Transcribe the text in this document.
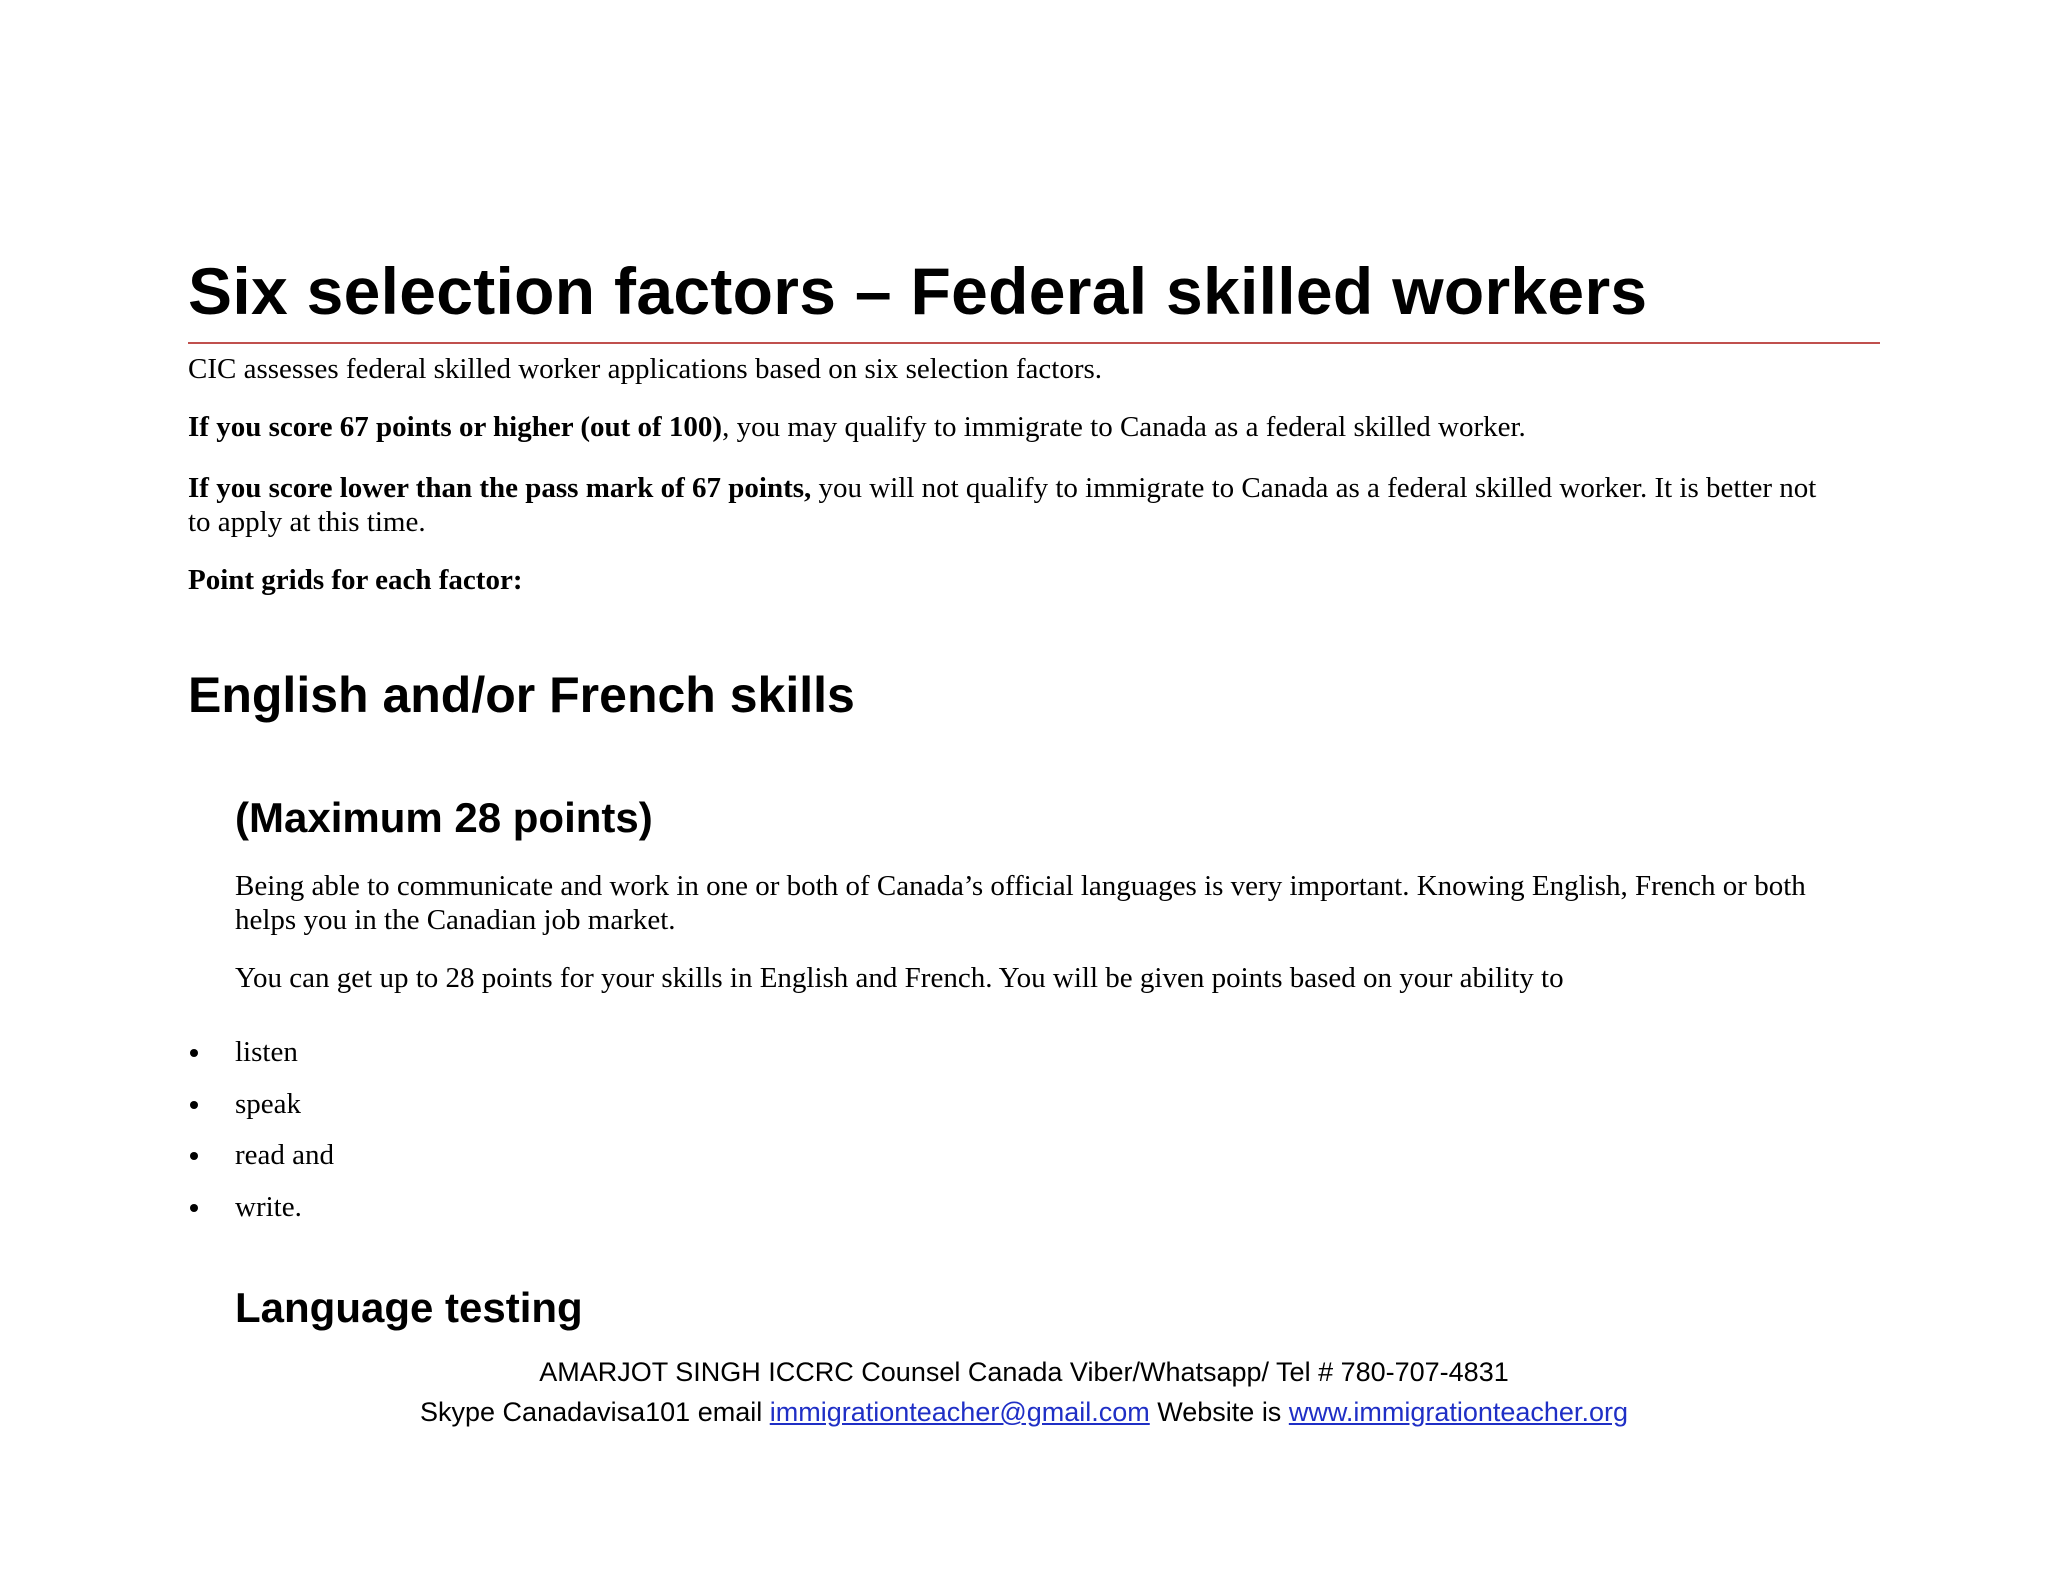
Six selection factors – Federal skilled workers
CIC assesses federal skilled worker applications based on six selection factors.
If you score 67 points or higher (out of 100), you may qualify to immigrate to Canada as a federal skilled worker.
If you score lower than the pass mark of 67 points, you will not qualify to immigrate to Canada as a federal skilled worker. It is better not to apply at this time.
Point grids for each factor:
English and/or French skills
(Maximum 28 points)
Being able to communicate and work in one or both of Canada’s official languages is very important. Knowing English, French or both helps you in the Canadian job market.
You can get up to 28 points for your skills in English and French. You will be given points based on your ability to
listen
speak
read and
write.
Language testing
AMARJOT SINGH ICCRC Counsel Canada Viber/Whatsapp/ Tel # 780-707-4831
Skype Canadavisa101 email immigrationteacher@gmail.com Website is www.immigrationteacher.org
